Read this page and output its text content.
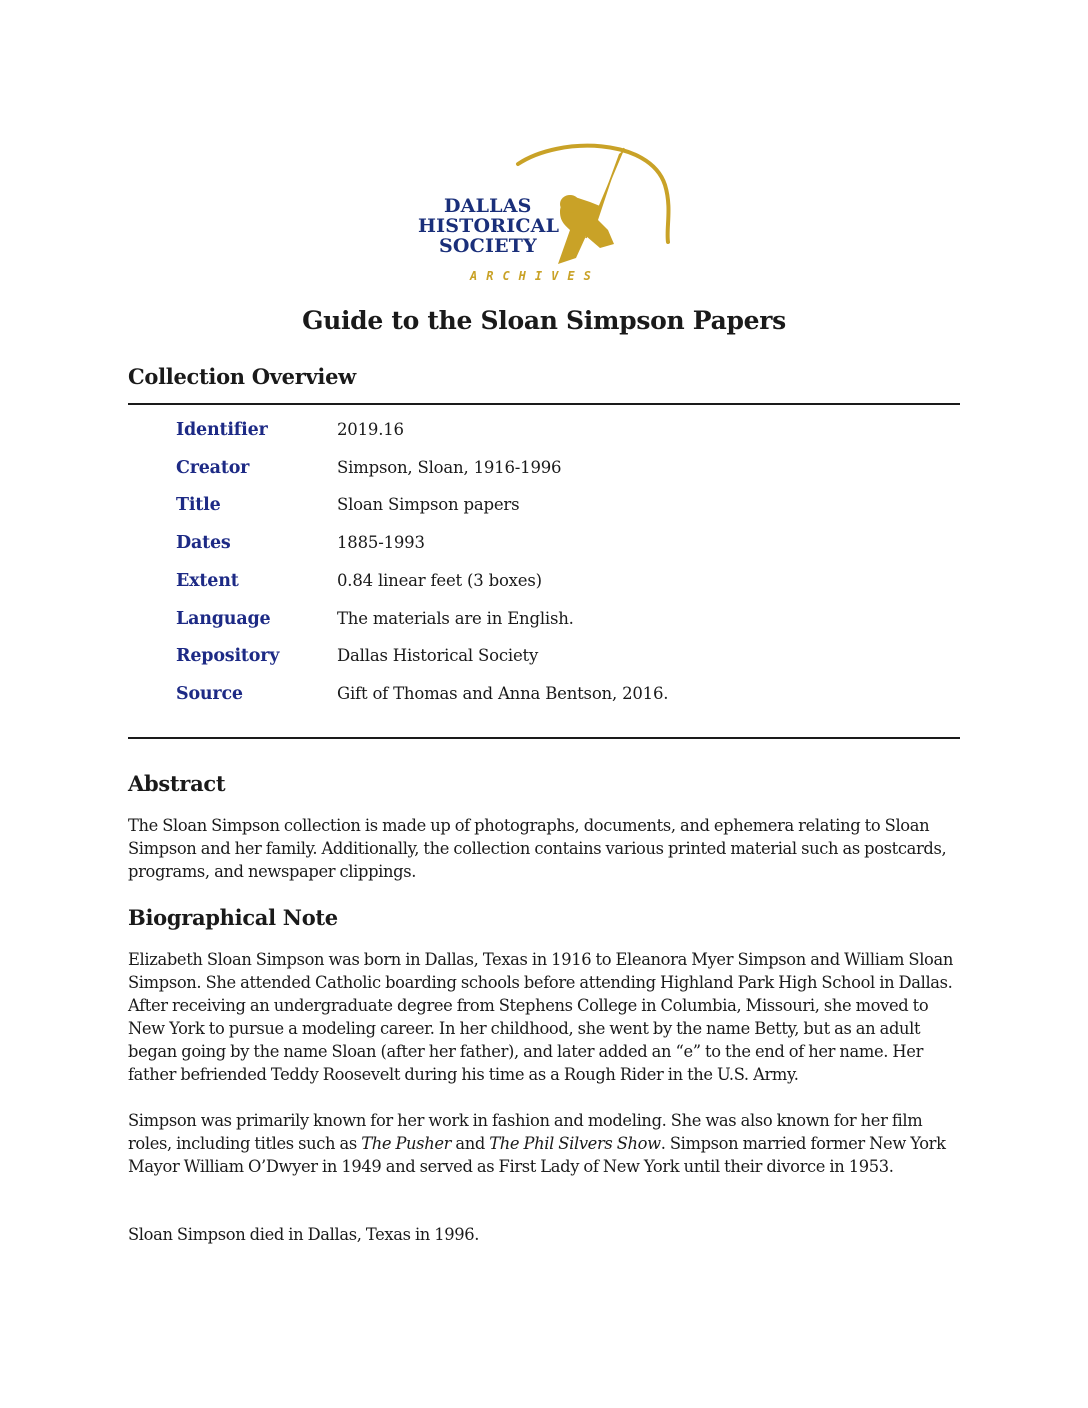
DALLAS
HISTORICAL
SOCIETY
ARCHIVES
Guide to the Sloan Simpson Papers
Collection Overview
Identifier	2019.16
Creator	Simpson, Sloan, 1916-1996
Title	Sloan Simpson papers
Dates	1885-1993
Extent	0.84 linear feet (3 boxes)
Language	The materials are in English.
Repository	Dallas Historical Society
Source	Gift of Thomas and Anna Bentson, 2016.
Abstract

The Sloan Simpson collection is made up of photographs, documents, and ephemera relating to Sloan Simpson and her family. Additionally, the collection contains various printed material such as postcards, programs, and newspaper clippings.

Biographical Note

Elizabeth Sloan Simpson was born in Dallas, Texas in 1916 to Eleanora Myer Simpson and William Sloan Simpson. She attended Catholic boarding schools before attending Highland Park High School in Dallas. After receiving an undergraduate degree from Stephens College in Columbia, Missouri, she moved to New York to pursue a modeling career. In her childhood, she went by the name Betty, but as an adult began going by the name Sloan (after her father), and later added an “e” to the end of her name. Her father befriended Teddy Roosevelt during his time as a Rough Rider in the U.S. Army.

Simpson was primarily known for her work in fashion and modeling. She was also known for her film roles, including titles such as The Pusher and The Phil Silvers Show. Simpson married former New York Mayor William O’Dwyer in 1949 and served as First Lady of New York until their divorce in 1953.

Sloan Simpson died in Dallas, Texas in 1996.
